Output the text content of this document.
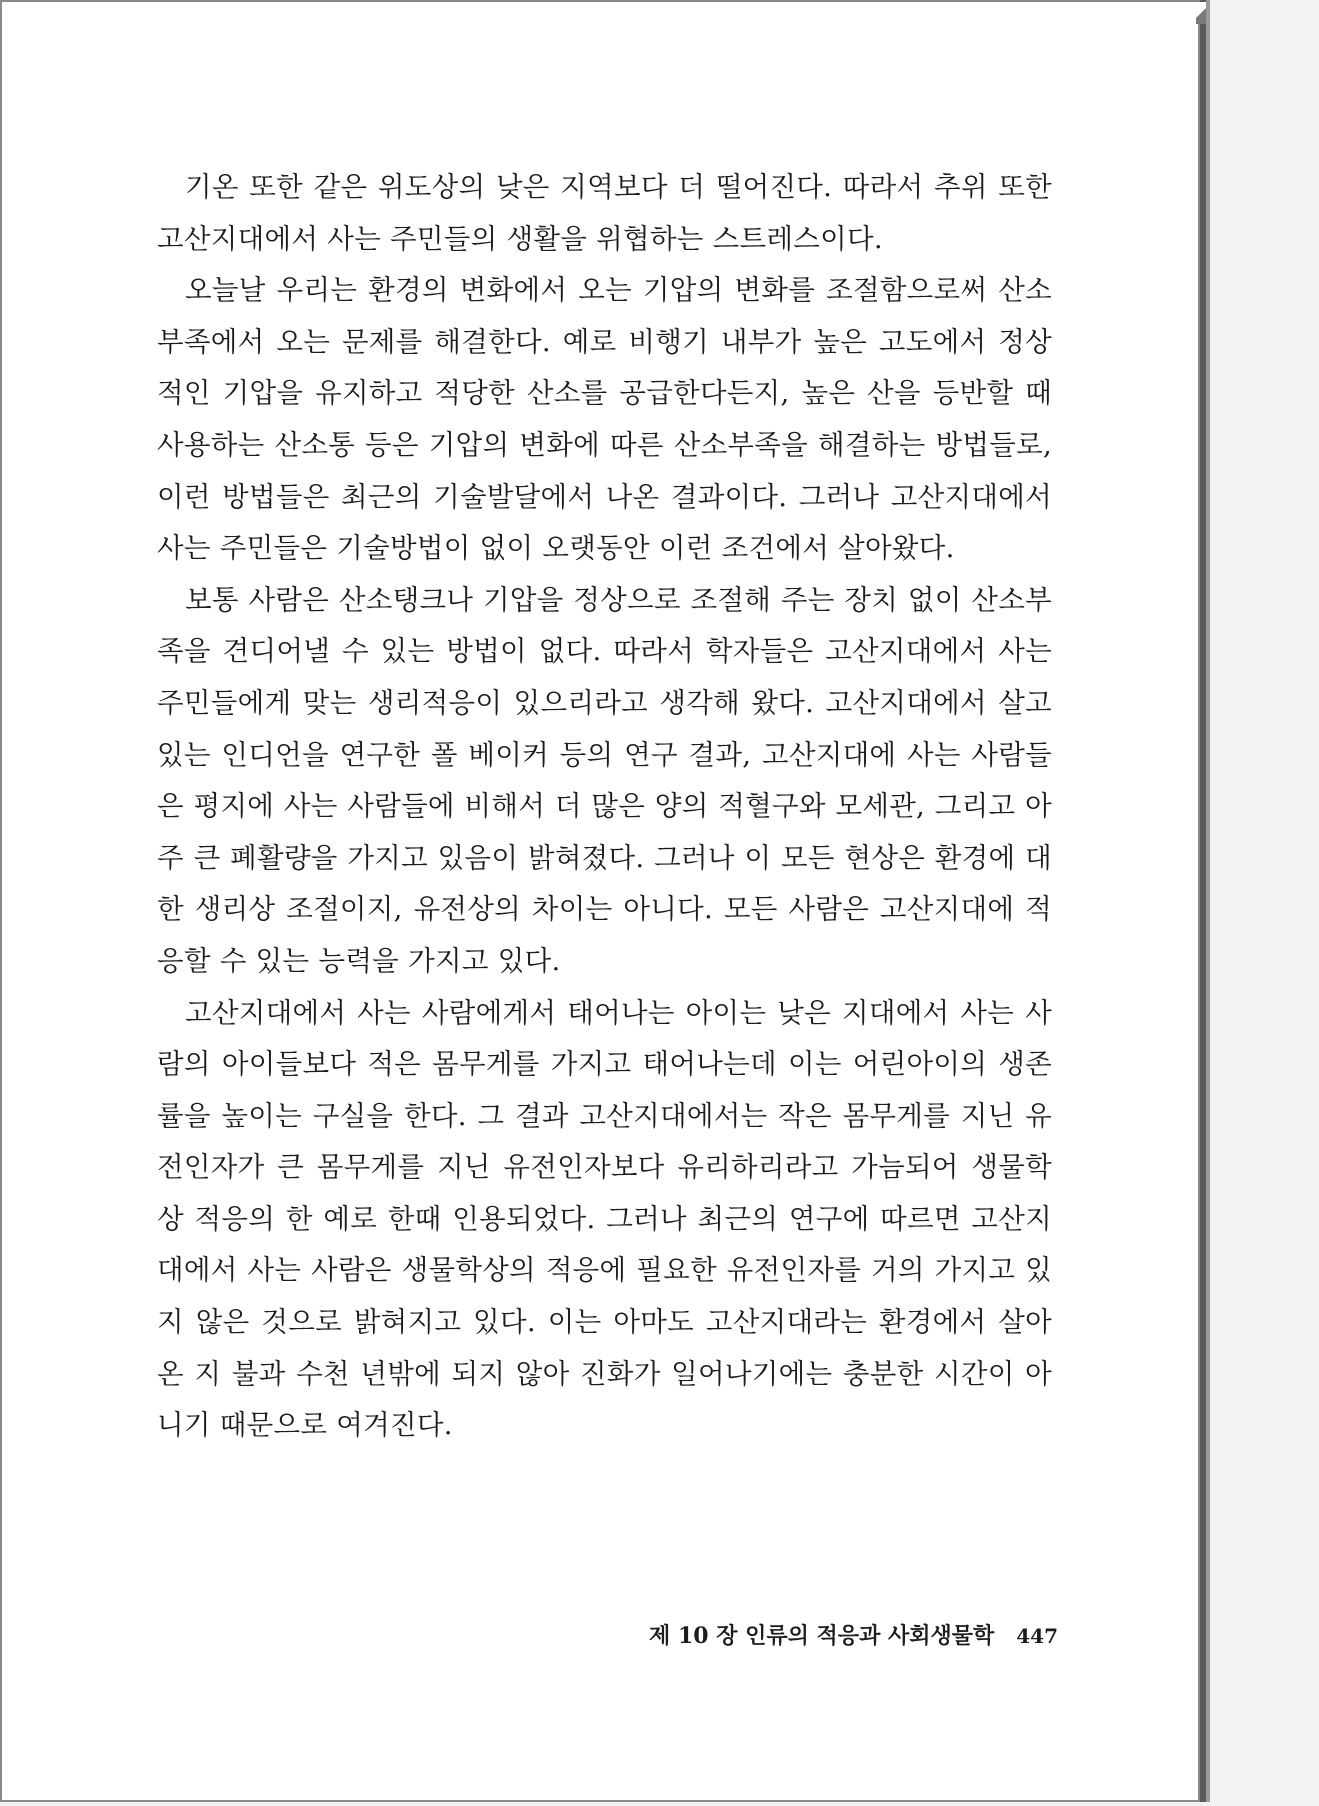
기온 또한 같은 위도상의 낮은 지역보다 더 떨어진다. 따라서 추위 또한 고산지대에서 사는 주민들의 생활을 위협하는 스트레스이다.

오늘날 우리는 환경의 변화에서 오는 기압의 변화를 조절함으로써 산소부족에서 오는 문제를 해결한다. 예로 비행기 내부가 높은 고도에서 정상적인 기압을 유지하고 적당한 산소를 공급한다든지, 높은 산을 등반할 때 사용하는 산소통 등은 기압의 변화에 따른 산소부족을 해결하는 방법들로, 이런 방법들은 최근의 기술발달에서 나온 결과이다. 그러나 고산지대에서 사는 주민들은 기술방법이 없이 오랫동안 이런 조건에서 살아왔다.

보통 사람은 산소탱크나 기압을 정상으로 조절해 주는 장치 없이 산소부족을 견디어낼 수 있는 방법이 없다. 따라서 학자들은 고산지대에서 사는 주민들에게 맞는 생리적응이 있으리라고 생각해 왔다. 고산지대에서 살고 있는 인디언을 연구한 폴 베이커 등의 연구 결과, 고산지대에 사는 사람들은 평지에 사는 사람들에 비해서 더 많은 양의 적혈구와 모세관, 그리고 아주 큰 폐활량을 가지고 있음이 밝혀졌다. 그러나 이 모든 현상은 환경에 대한 생리상 조절이지, 유전상의 차이는 아니다. 모든 사람은 고산지대에 적응할 수 있는 능력을 가지고 있다.

고산지대에서 사는 사람에게서 태어나는 아이는 낮은 지대에서 사는 사람의 아이들보다 적은 몸무게를 가지고 태어나는데 이는 어린아이의 생존률을 높이는 구실을 한다. 그 결과 고산지대에서는 작은 몸무게를 지닌 유전인자가 큰 몸무게를 지닌 유전인자보다 유리하리라고 가늠되어 생물학상 적응의 한 예로 한때 인용되었다. 그러나 최근의 연구에 따르면 고산지대에서 사는 사람은 생물학상의 적응에 필요한 유전인자를 거의 가지고 있지 않은 것으로 밝혀지고 있다. 이는 아마도 고산지대라는 환경에서 살아온 지 불과 수천 년밖에 되지 않아 진화가 일어나기에는 충분한 시간이 아니기 때문으로 여겨진다.

제 10 장 인류의 적응과 사회생물학 447
